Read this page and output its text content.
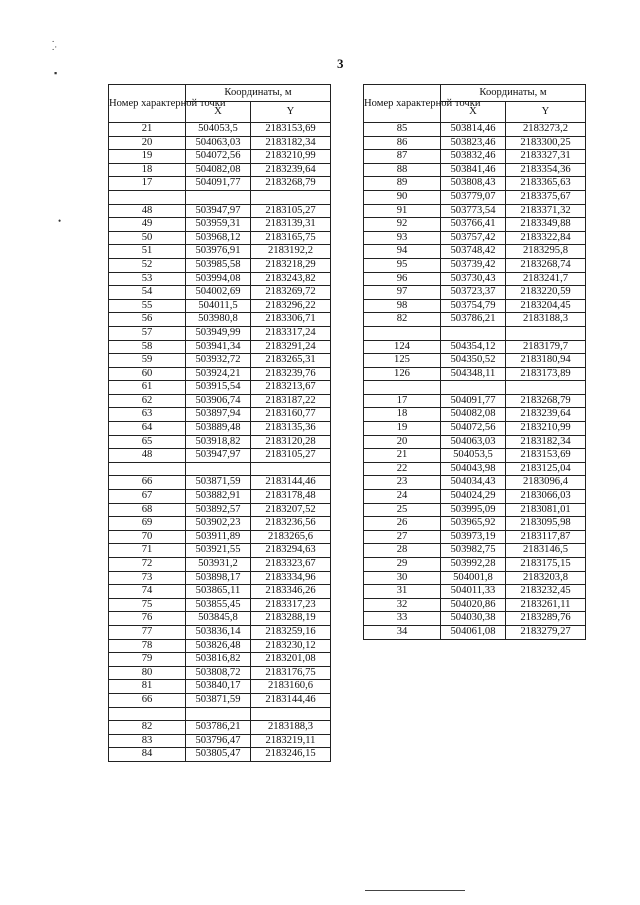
.
.·
▪
•
3
Номер характерной точки	Координаты, м	
	X	Y
21	504053,5	2183153,69
20	504063,03	2183182,34
19	504072,56	2183210,99
18	504082,08	2183239,64
17	504091,77	2183268,79

48	503947,97	2183105,27
49	503959,31	2183139,31
50	503968,12	2183165,75
51	503976,91	2183192,2
52	503985,58	2183218,29
53	503994,08	2183243,82
54	504002,69	2183269,72
55	504011,5	2183296,22
56	503980,8	2183306,71
57	503949,99	2183317,24
58	503941,34	2183291,24
59	503932,72	2183265,31
60	503924,21	2183239,76
61	503915,54	2183213,67
62	503906,74	2183187,22
63	503897,94	2183160,77
64	503889,48	2183135,36
65	503918,82	2183120,28
48	503947,97	2183105,27

66	503871,59	2183144,46
67	503882,91	2183178,48
68	503892,57	2183207,52
69	503902,23	2183236,56
70	503911,89	2183265,6
71	503921,55	2183294,63
72	503931,2	2183323,67
73	503898,17	2183334,96
74	503865,11	2183346,26
75	503855,45	2183317,23
76	503845,8	2183288,19
77	503836,14	2183259,16
78	503826,48	2183230,12
79	503816,82	2183201,08
80	503808,72	2183176,75
81	503840,17	2183160,6
66	503871,59	2183144,46

82	503786,21	2183188,3
83	503796,47	2183219,11
84	503805,47	2183246,15
Номер характерной точки	Координаты, м	
	X	Y
85	503814,46	2183273,2
86	503823,46	2183300,25
87	503832,46	2183327,31
88	503841,46	2183354,36
89	503808,43	2183365,63
90	503779,07	2183375,67
91	503773,54	2183371,32
92	503766,41	2183349,88
93	503757,42	2183322,84
94	503748,42	2183295,8
95	503739,42	2183268,74
96	503730,43	2183241,7
97	503723,37	2183220,59
98	503754,79	2183204,45
82	503786,21	2183188,3

124	504354,12	2183179,7
125	504350,52	2183180,94
126	504348,11	2183173,89

17	504091,77	2183268,79
18	504082,08	2183239,64
19	504072,56	2183210,99
20	504063,03	2183182,34
21	504053,5	2183153,69
22	504043,98	2183125,04
23	504034,43	2183096,4
24	504024,29	2183066,03
25	503995,09	2183081,01
26	503965,92	2183095,98
27	503973,19	2183117,87
28	503982,75	2183146,5
29	503992,28	2183175,15
30	504001,8	2183203,8
31	504011,33	2183232,45
32	504020,86	2183261,11
33	504030,38	2183289,76
34	504061,08	2183279,27
